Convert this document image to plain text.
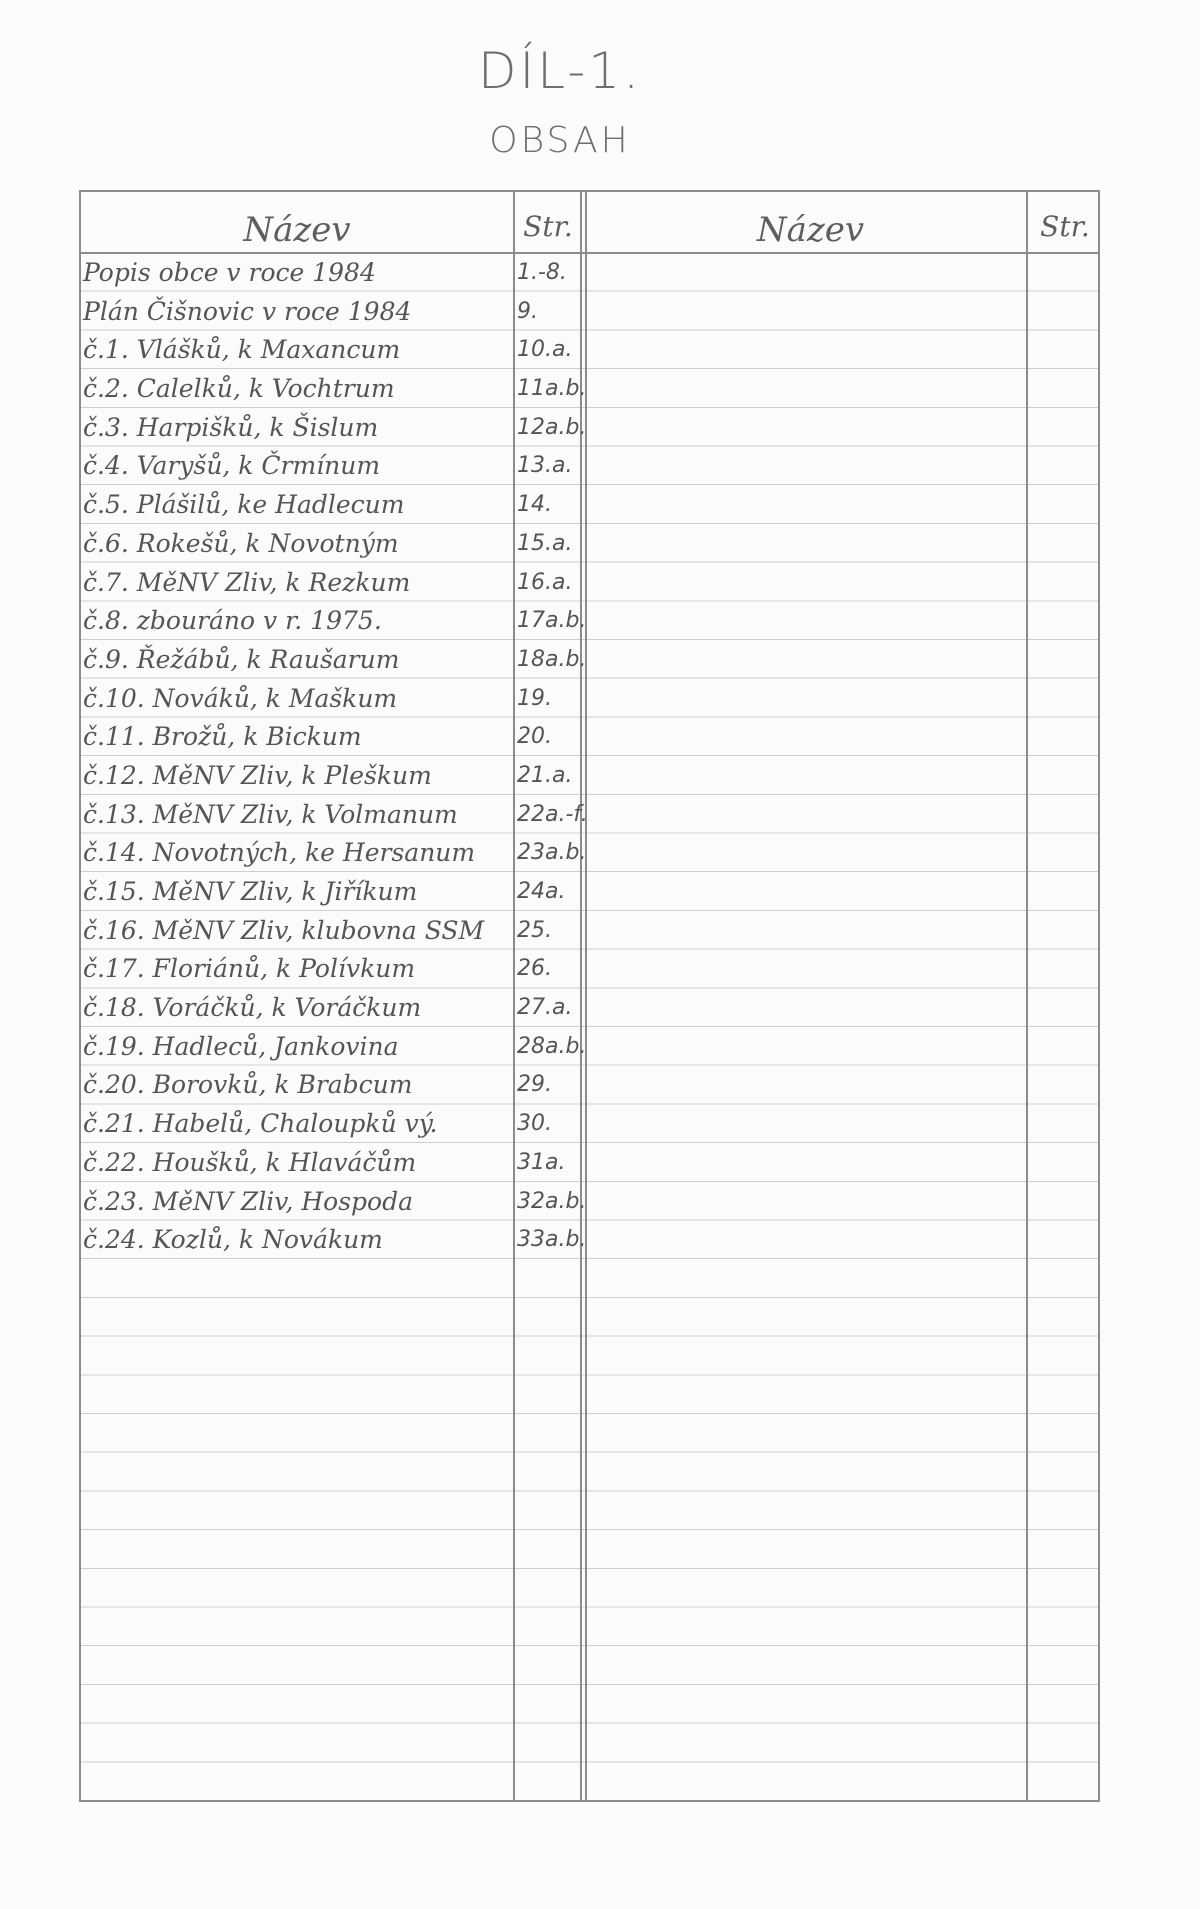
DÍL-1.
OBSAH
Název	Str.	Název	Str.
Popis obce v roce 1984	1.-8.
Plán Čišnovic v roce 1984	9.
č.1. Vlášků, k Maxancum	10.a.
č.2. Calelků, k Vochtrum	11a.b.
č.3. Harpišků, k Šislum	12a.b.
č.4. Varyšů, k Črmínum	13.a.
č.5. Plášilů, ke Hadlecum	14.
č.6. Rokešů, k Novotným	15.a.
č.7. MěNV Zliv, k Rezkum	16.a.
č.8. zbouráno v r. 1975.	17a.b.
č.9. Řežábů, k Raušarum	18a.b.
č.10. Nováků, k Maškum	19.
č.11. Brožů, k Bickum	20.
č.12. MěNV Zliv, k Pleškum	21.a.
č.13. MěNV Zliv, k Volmanum	22a.-f.
č.14. Novotných, ke Hersanum	23a.b.
č.15. MěNV Zliv, k Jiříkum	24a.
č.16. MěNV Zliv, klubovna SSM	25.
č.17. Floriánů, k Polívkum	26.
č.18. Voráčků, k Voráčkum	27.a.
č.19. Hadleců, Jankovina	28a.b.
č.20. Borovků, k Brabcum	29.
č.21. Habelů, Chaloupků vý.	30.
č.22. Houšků, k Hlaváčům	31a.
č.23. MěNV Zliv, Hospoda	32a.b.
č.24. Kozlů, k Novákum	33a.b.
